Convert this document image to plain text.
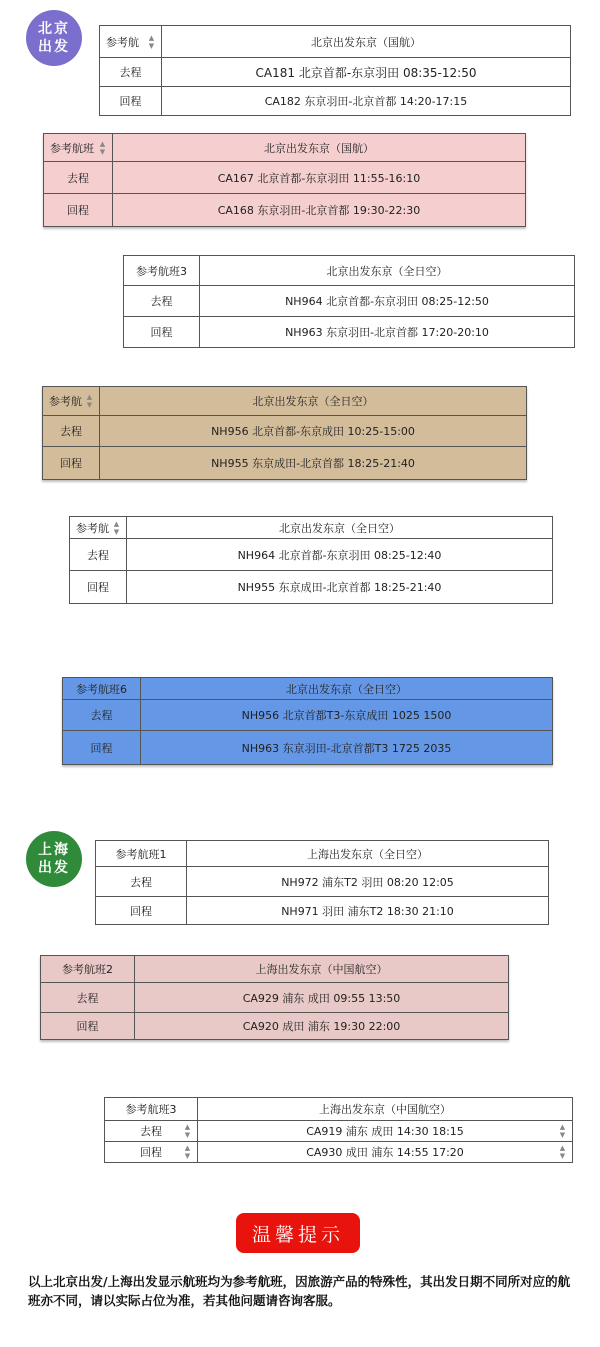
北京
出发
上海
出发
参考航 ▲
▼	北京出发东京（国航）
去程	CA181 北京首都-东京羽田 08:35-12:50
回程	CA182 东京羽田-北京首都 14:20-17:15
参考航班 ▲
▼	北京出发东京（国航）
去程	CA167 北京首都-东京羽田 11:55-16:10
回程	CA168 东京羽田-北京首都 19:30-22:30
参考航班3	北京出发东京（全日空）
去程	NH964 北京首都-东京羽田 08:25-12:50
回程	NH963 东京羽田-北京首都 17:20-20:10
参考航 ▲
▼	北京出发东京（全日空）
去程	NH956 北京首都-东京成田 10:25-15:00
回程	NH955 东京成田-北京首都 18:25-21:40
参考航 ▲
▼	北京出发东京（全日空）
去程	NH964 北京首都-东京羽田 08:25-12:40
回程	NH955 东京成田-北京首都 18:25-21:40
参考航班6	北京出发东京（全日空）
去程	NH956 北京首都T3-东京成田 1025 1500
回程	NH963 东京羽田-北京首都T3 1725 2035
参考航班1	上海出发东京（全日空）
去程	NH972 浦东T2 羽田 08:20 12:05
回程	NH971 羽田 浦东T2 18:30 21:10
参考航班2	上海出发东京（中国航空）
去程	CA929 浦东 成田 09:55 13:50
回程	CA920 成田 浦东 19:30 22:00
参考航班3	上海出发东京（中国航空）

去程 ▲
▼	CA919 浦东 成田 14:30 18:15 ▲
▼

回程 ▲
▼	CA930 成田 浦东 14:55 17:20 ▲
▼
温馨提示
以上北京出发/上海出发显示航班均为参考航班，因旅游产品的特殊性，其出发日期不同所对应的航班亦不同，请以实际占位为准，若其他问题请咨询客服。
